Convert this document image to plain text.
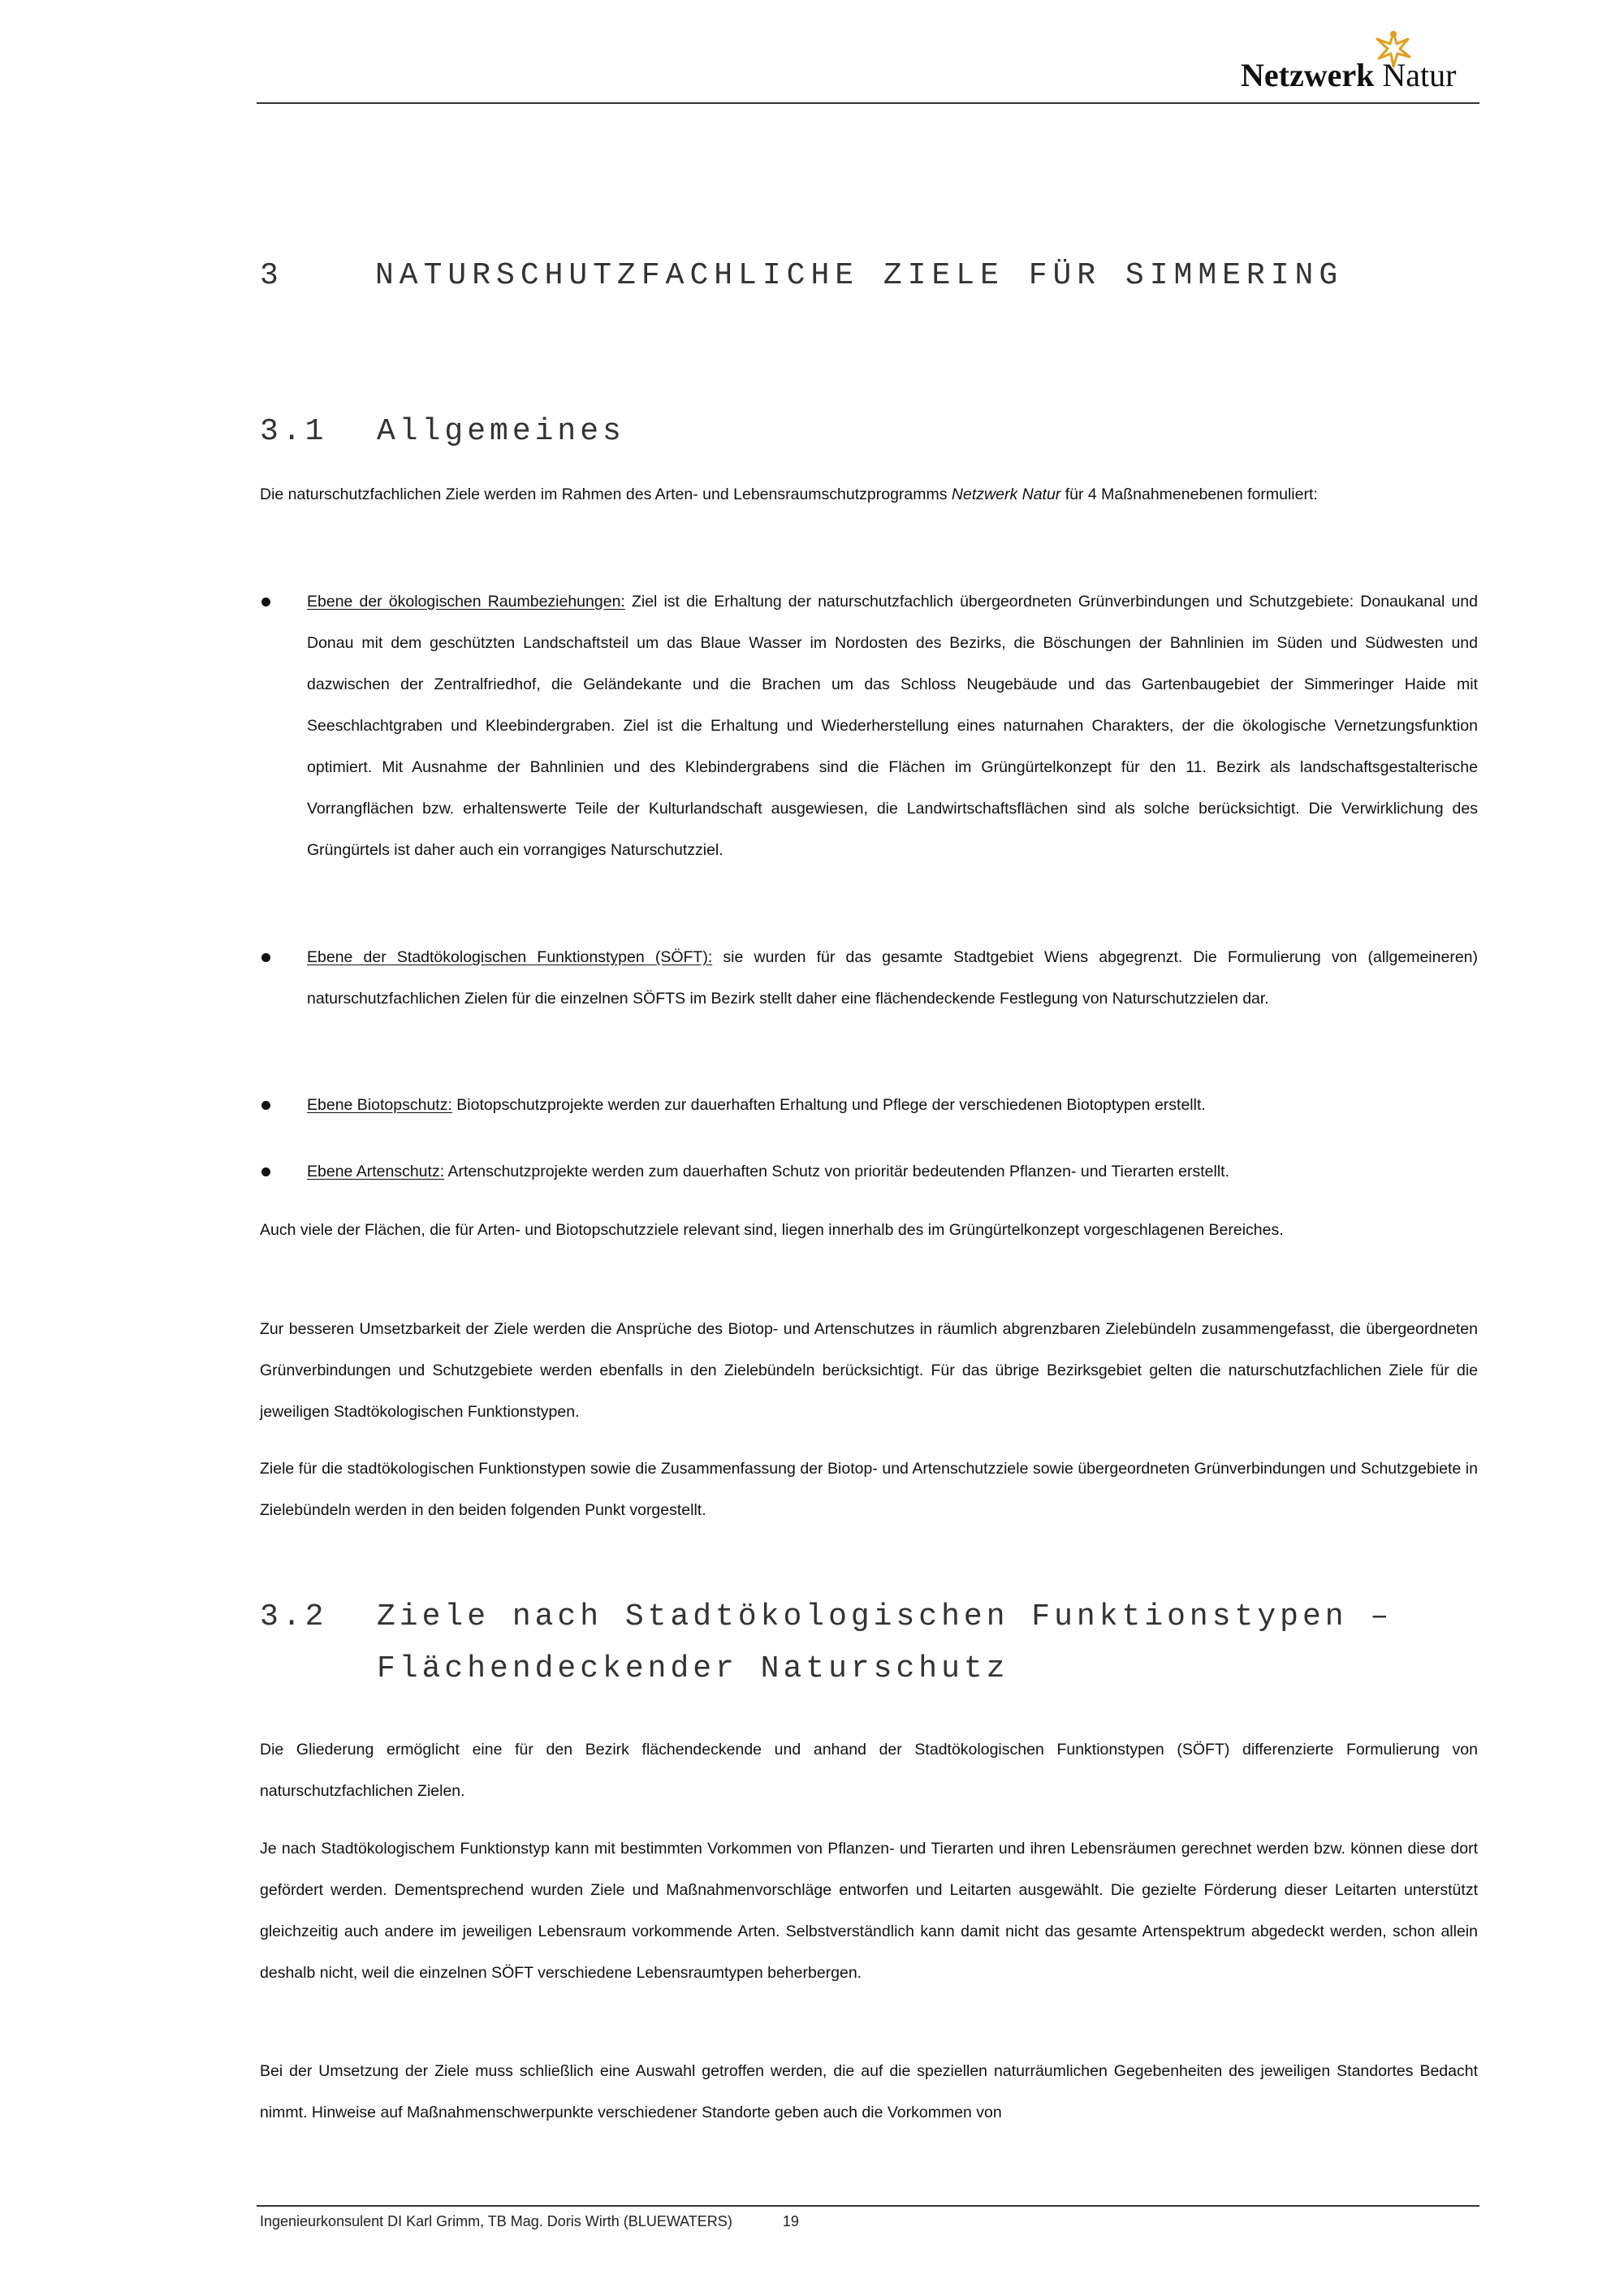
Netzwerk Natur
3	NATURSCHUTZFACHLICHE ZIELE FÜR SIMMERING
3.1 Allgemeines
Die naturschutzfachlichen Ziele werden im Rahmen des Arten- und Lebensraumschutzprogramms Netzwerk Natur für 4 Maßnahmenebenen formuliert:
Ebene der ökologischen Raumbeziehungen: Ziel ist die Erhaltung der naturschutzfachlich übergeordneten Grünverbindungen und Schutzgebiete: Donaukanal und Donau mit dem geschützten Landschaftsteil um das Blaue Wasser im Nordosten des Bezirks, die Böschungen der Bahnlinien im Süden und Südwesten und dazwischen der Zentralfriedhof, die Geländekante und die Brachen um das Schloss Neugebäude und das Gartenbaugebiet der Simmeringer Haide mit Seeschlachtgraben und Kleebindergraben. Ziel ist die Erhaltung und Wiederherstellung eines naturnahen Charakters, der die ökologische Vernetzungsfunktion optimiert. Mit Ausnahme der Bahnlinien und des Klebindergrabens sind die Flächen im Grüngürtelkonzept für den 11. Bezirk als landschaftsgestalterische Vorrangflächen bzw. erhaltenswerte Teile der Kulturlandschaft ausgewiesen, die Landwirtschaftsflächen sind als solche berücksichtigt. Die Verwirklichung des Grüngürtels ist daher auch ein vorrangiges Naturschutzziel.
Ebene der Stadtökologischen Funktionstypen (SÖFT): sie wurden für das gesamte Stadtgebiet Wiens abgegrenzt. Die Formulierung von (allgemeineren) naturschutzfachlichen Zielen für die einzelnen SÖFTS im Bezirk stellt daher eine flächendeckende Festlegung von Naturschutzzielen dar.
Ebene Biotopschutz: Biotopschutzprojekte werden zur dauerhaften Erhaltung und Pflege der verschiedenen Biotoptypen erstellt.
Ebene Artenschutz: Artenschutzprojekte werden zum dauerhaften Schutz von prioritär bedeutenden Pflanzen- und Tierarten erstellt.
Auch viele der Flächen, die für Arten- und Biotopschutzziele relevant sind, liegen innerhalb des im Grüngürtelkonzept vorgeschlagenen Bereiches.
Zur besseren Umsetzbarkeit der Ziele werden die Ansprüche des Biotop- und Artenschutzes in räumlich abgrenzbaren Zielebündeln zusammengefasst, die übergeordneten Grünverbindungen und Schutzgebiete werden ebenfalls in den Zielebündeln berücksichtigt. Für das übrige Bezirksgebiet gelten die naturschutzfachlichen Ziele für die jeweiligen Stadtökologischen Funktionstypen.
Ziele für die stadtökologischen Funktionstypen sowie die Zusammenfassung der Biotop- und Artenschutzziele sowie übergeordneten Grünverbindungen und Schutzgebiete in Zielebündeln werden in den beiden folgenden Punkt vorgestellt.
3.2 Ziele nach Stadtökologischen Funktionstypen –
Flächendeckender Naturschutz
Die Gliederung ermöglicht eine für den Bezirk flächendeckende und anhand der Stadtökologischen Funktionstypen (SÖFT) differenzierte Formulierung von naturschutzfachlichen Zielen.
Je nach Stadtökologischem Funktionstyp kann mit bestimmten Vorkommen von Pflanzen- und Tierarten und ihren Lebensräumen gerechnet werden bzw. können diese dort gefördert werden. Dementsprechend wurden Ziele und Maßnahmenvorschläge entworfen und Leitarten ausgewählt. Die gezielte Förderung dieser Leitarten unterstützt gleichzeitig auch andere im jeweiligen Lebensraum vorkommende Arten. Selbstverständlich kann damit nicht das gesamte Artenspektrum abgedeckt werden, schon allein deshalb nicht, weil die einzelnen SÖFT verschiedene Lebensraumtypen beherbergen.
Bei der Umsetzung der Ziele muss schließlich eine Auswahl getroffen werden, die auf die speziellen naturräumlichen Gegebenheiten des jeweiligen Standortes Bedacht nimmt. Hinweise auf Maßnahmenschwerpunkte verschiedener Standorte geben auch die Vorkommen von
Ingenieurkonsulent DI Karl Grimm, TB Mag. Doris Wirth (BLUEWATERS)	19
